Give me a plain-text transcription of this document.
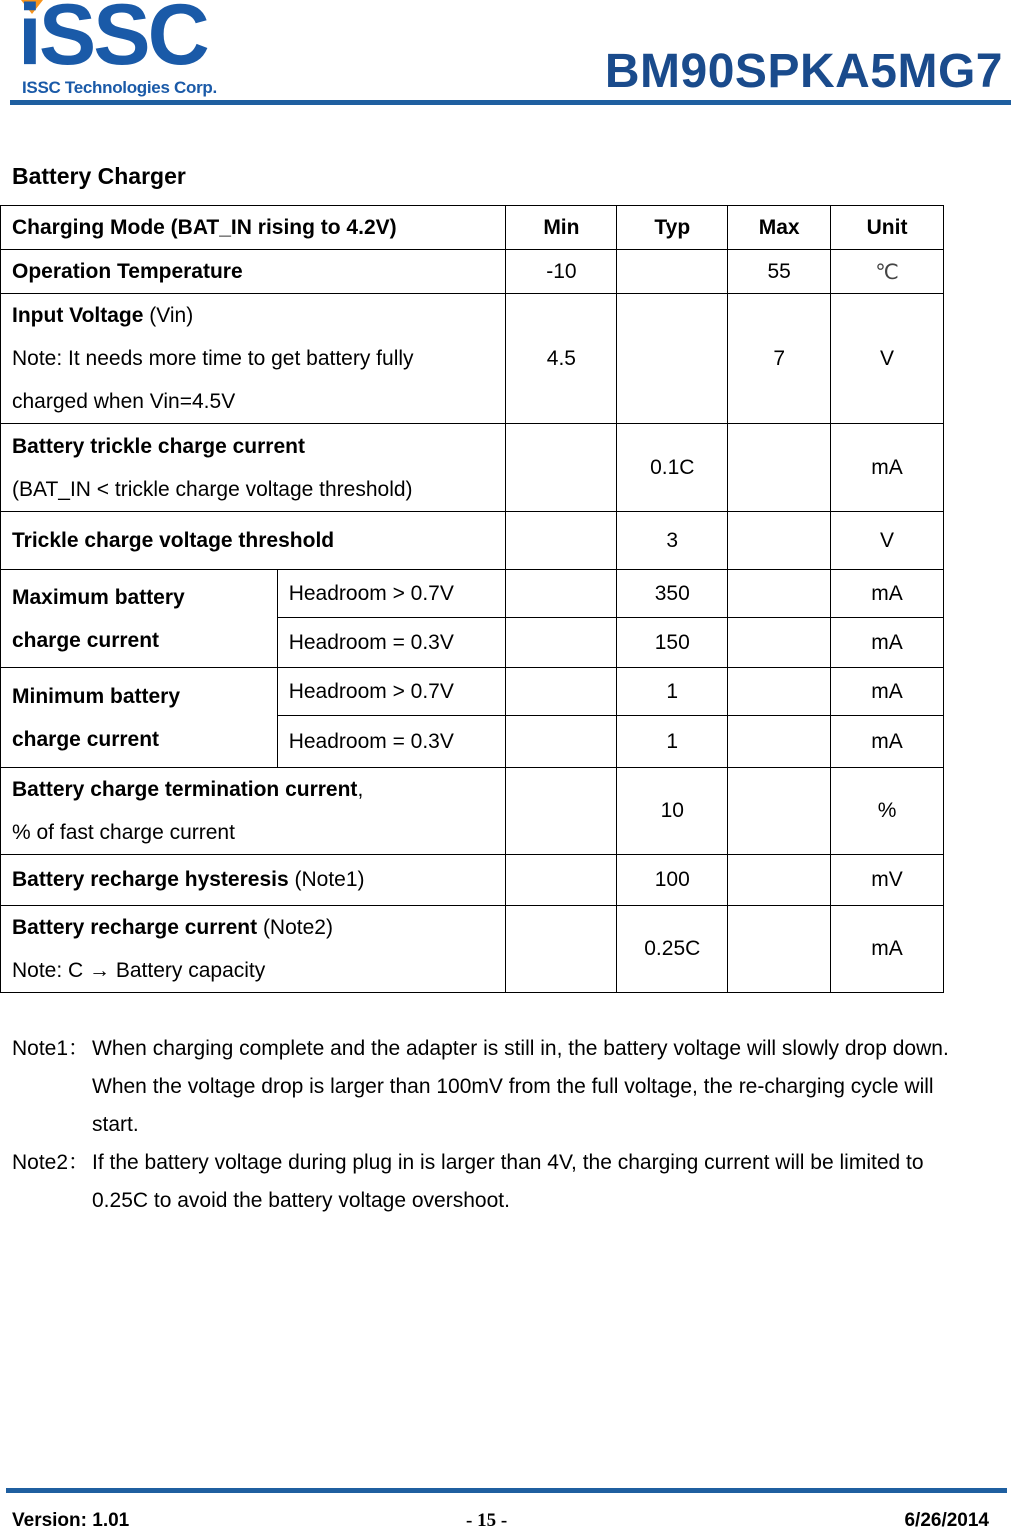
iSSC
ISSC Technologies Corp.	BM90SPKA5MG7
Battery Charger
Charging Mode (BAT_IN rising to 4.2V)		Min	Typ	Max	Unit
Operation Temperature		-10		55	℃

Input Voltage (Vin)
Note: It needs more time to get battery fully
charged when Vin=4.5V		4.5		7	V

Battery trickle charge current
(BAT_IN < trickle charge voltage threshold)			0.1C		mA
Trickle charge voltage threshold			3		V

Maximum battery
charge current	Headroom > 0.7V		350		mA
	Headroom = 0.3V		150		mA

Minimum battery
charge current	Headroom > 0.7V		1		mA
	Headroom = 0.3V		1		mA

Battery charge termination current,
% of fast charge current			10		%
Battery recharge hysteresis (Note1)			100		mV

Battery recharge current (Note2)
Note: C → Battery capacity			0.25C		mA
Note1： When charging complete and the adapter is still in, the battery voltage will slowly drop down.
When the voltage drop is larger than 100mV from the full voltage, the re-charging cycle will
start.
Note2： If the battery voltage during plug in is larger than 4V, the charging current will be limited to
0.25C to avoid the battery voltage overshoot.
Version: 1.01	- 15 -	6/26/2014
